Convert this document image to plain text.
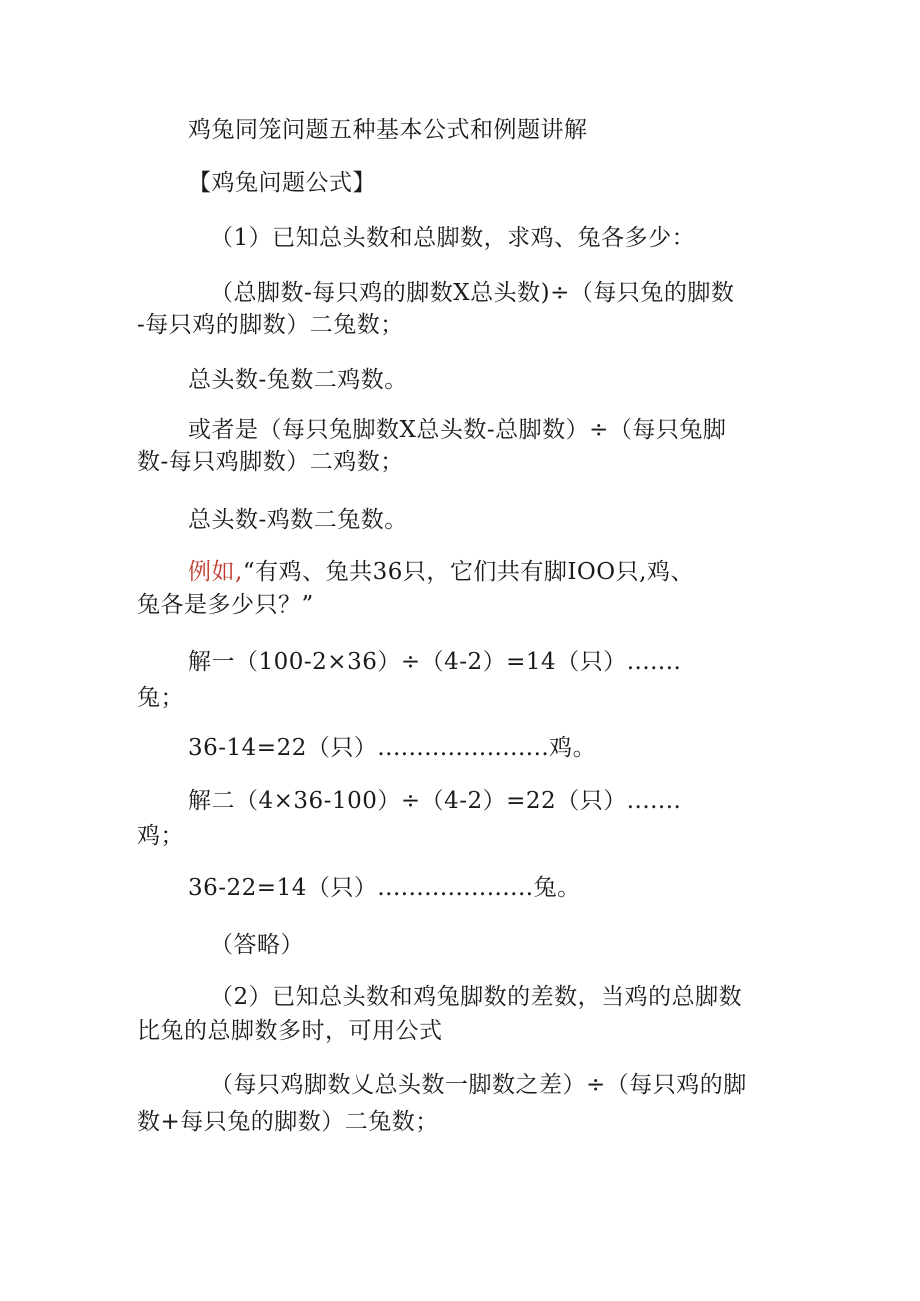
鸡兔同笼问题五种基本公式和例题讲解
【鸡兔问题公式】
（1）已知总头数和总脚数，求鸡、兔各多少：
（总脚数-每只鸡的脚数X总头数)÷（每只兔的脚数
-每只鸡的脚数）二兔数；
总头数-兔数二鸡数。
或者是（每只兔脚数X总头数-总脚数）÷（每只兔脚
数-每只鸡脚数）二鸡数；
总头数-鸡数二兔数。
例如,“有鸡、兔共36只，它们共有脚IOO只,鸡、
兔各是多少只？”
解一（100-2×36）÷（4-2）=14（只）.......
兔；
36-14=22（只）......................鸡。
解二（4×36-100）÷（4-2）=22（只）.......
鸡；
36-22=14（只）....................兔。
（答略）
（2）已知总头数和鸡兔脚数的差数，当鸡的总脚数
比兔的总脚数多时，可用公式
（每只鸡脚数乂总头数一脚数之差）÷（每只鸡的脚
数+每只兔的脚数）二兔数；
